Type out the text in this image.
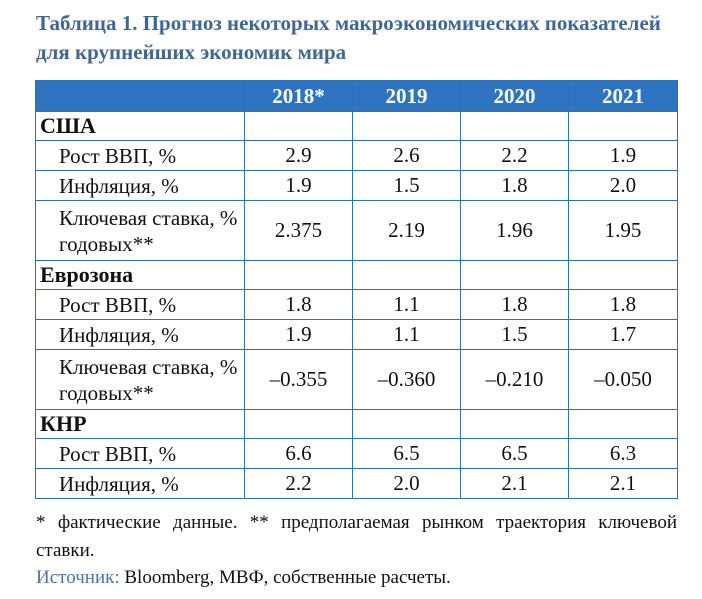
Таблица 1. Прогноз некоторых макроэкономических показателей для крупнейших экономик мира
	2018*	2019	2020	2021
США				
Рост ВВП, %	2.9	2.6	2.2	1.9
Инфляция, %	1.9	1.5	1.8	2.0
Ключевая ставка, % годовых**	2.375	2.19	1.96	1.95
Еврозона				
Рост ВВП, %	1.8	1.1	1.8	1.8
Инфляция, %	1.9	1.1	1.5	1.7
Ключевая ставка, % годовых**	–0.355	–0.360	–0.210	–0.050
КНР				
Рост ВВП, %	6.6	6.5	6.5	6.3
Инфляция, %	2.2	2.0	2.1	2.1
* фактические данные. ** предполагаемая рынком траектория ключевой ставки.
Источник: Bloomberg, МВФ, собственные расчеты.
